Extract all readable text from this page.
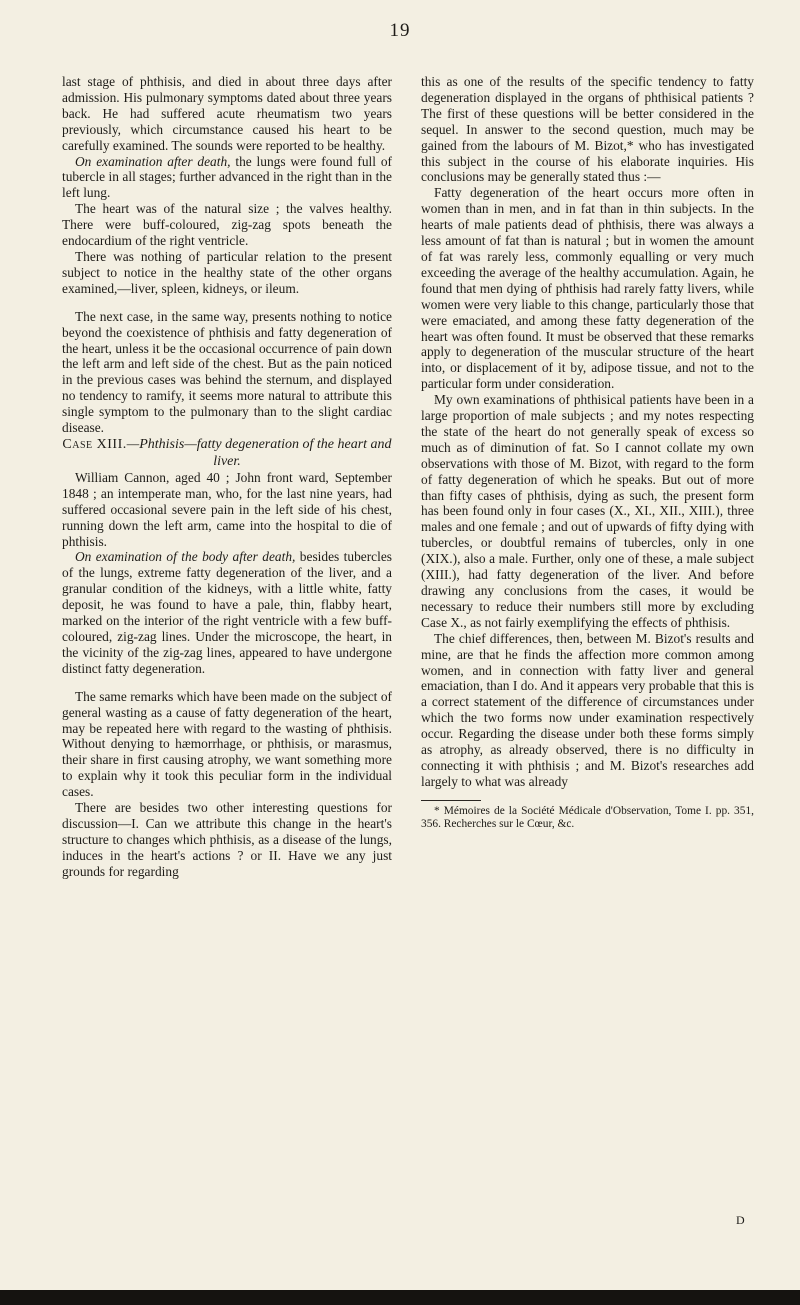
19

last stage of phthisis, and died in about three days after admission. His pulmonary symptoms dated about three years back. He had suffered acute rheumatism two years previously, which circumstance caused his heart to be carefully examined. The sounds were reported to be healthy.

On examination after death, the lungs were found full of tubercle in all stages; further advanced in the right than in the left lung.

The heart was of the natural size ; the valves healthy. There were buff-coloured, zig-zag spots beneath the endocardium of the right ventricle.

There was nothing of particular relation to the present subject to notice in the healthy state of the other organs examined,—liver, spleen, kidneys, or ileum.

The next case, in the same way, presents nothing to notice beyond the coexistence of phthisis and fatty degeneration of the heart, unless it be the occasional occurrence of pain down the left arm and left side of the chest. But as the pain noticed in the previous cases was behind the sternum, and displayed no tendency to ramify, it seems more natural to attribute this single symptom to the pulmonary than to the slight cardiac disease.

Case XIII.—Phthisis—fatty degeneration of the heart and liver.

William Cannon, aged 40 ; John front ward, September 1848 ; an intemperate man, who, for the last nine years, had suffered occasional severe pain in the left side of his chest, running down the left arm, came into the hospital to die of phthisis.

On examination of the body after death, besides tubercles of the lungs, extreme fatty degeneration of the liver, and a granular condition of the kidneys, with a little white, fatty deposit, he was found to have a pale, thin, flabby heart, marked on the interior of the right ventricle with a few buff-coloured, zig-zag lines. Under the microscope, the heart, in the vicinity of the zig-zag lines, appeared to have undergone distinct fatty degeneration.

The same remarks which have been made on the subject of general wasting as a cause of fatty degeneration of the heart, may be repeated here with regard to the wasting of phthisis. Without denying to hæmorrhage, or phthisis, or marasmus, their share in first causing atrophy, we want something more to explain why it took this peculiar form in the individual cases.

There are besides two other interesting questions for discussion—I. Can we attribute this change in the heart's structure to changes which phthisis, as a disease of the lungs, induces in the heart's actions ? or II. Have we any just grounds for regarding

this as one of the results of the specific tendency to fatty degeneration displayed in the organs of phthisical patients ? The first of these questions will be better considered in the sequel. In answer to the second question, much may be gained from the labours of M. Bizot,* who has investigated this subject in the course of his elaborate inquiries. His conclusions may be generally stated thus :—

Fatty degeneration of the heart occurs more often in women than in men, and in fat than in thin subjects. In the hearts of male patients dead of phthisis, there was always a less amount of fat than is natural ; but in women the amount of fat was rarely less, commonly equalling or very much exceeding the average of the healthy accumulation. Again, he found that men dying of phthisis had rarely fatty livers, while women were very liable to this change, particularly those that were emaciated, and among these fatty degeneration of the heart was often found. It must be observed that these remarks apply to degeneration of the muscular structure of the heart into, or displacement of it by, adipose tissue, and not to the particular form under consideration.

My own examinations of phthisical patients have been in a large proportion of male subjects ; and my notes respecting the state of the heart do not generally speak of excess so much as of diminution of fat. So I cannot collate my own observations with those of M. Bizot, with regard to the form of fatty degeneration of which he speaks. But out of more than fifty cases of phthisis, dying as such, the present form has been found only in four cases (X., XI., XII., XIII.), three males and one female ; and out of upwards of fifty dying with tubercles, or doubtful remains of tubercles, only in one (XIX.), also a male. Further, only one of these, a male subject (XIII.), had fatty degeneration of the liver. And before drawing any conclusions from the cases, it would be necessary to reduce their numbers still more by excluding Case X., as not fairly exemplifying the effects of phthisis.

The chief differences, then, between M. Bizot's results and mine, are that he finds the affection more common among women, and in connection with fatty liver and general emaciation, than I do. And it appears very probable that this is a correct statement of the difference of circumstances under which the two forms now under examination respectively occur. Regarding the disease under both these forms simply as atrophy, as already observed, there is no difficulty in connecting it with phthisis ; and M. Bizot's researches add largely to what was already

* Mémoires de la Société Médicale d'Observation, Tome I. pp. 351, 356. Recherches sur le Cœur, &c.

D
